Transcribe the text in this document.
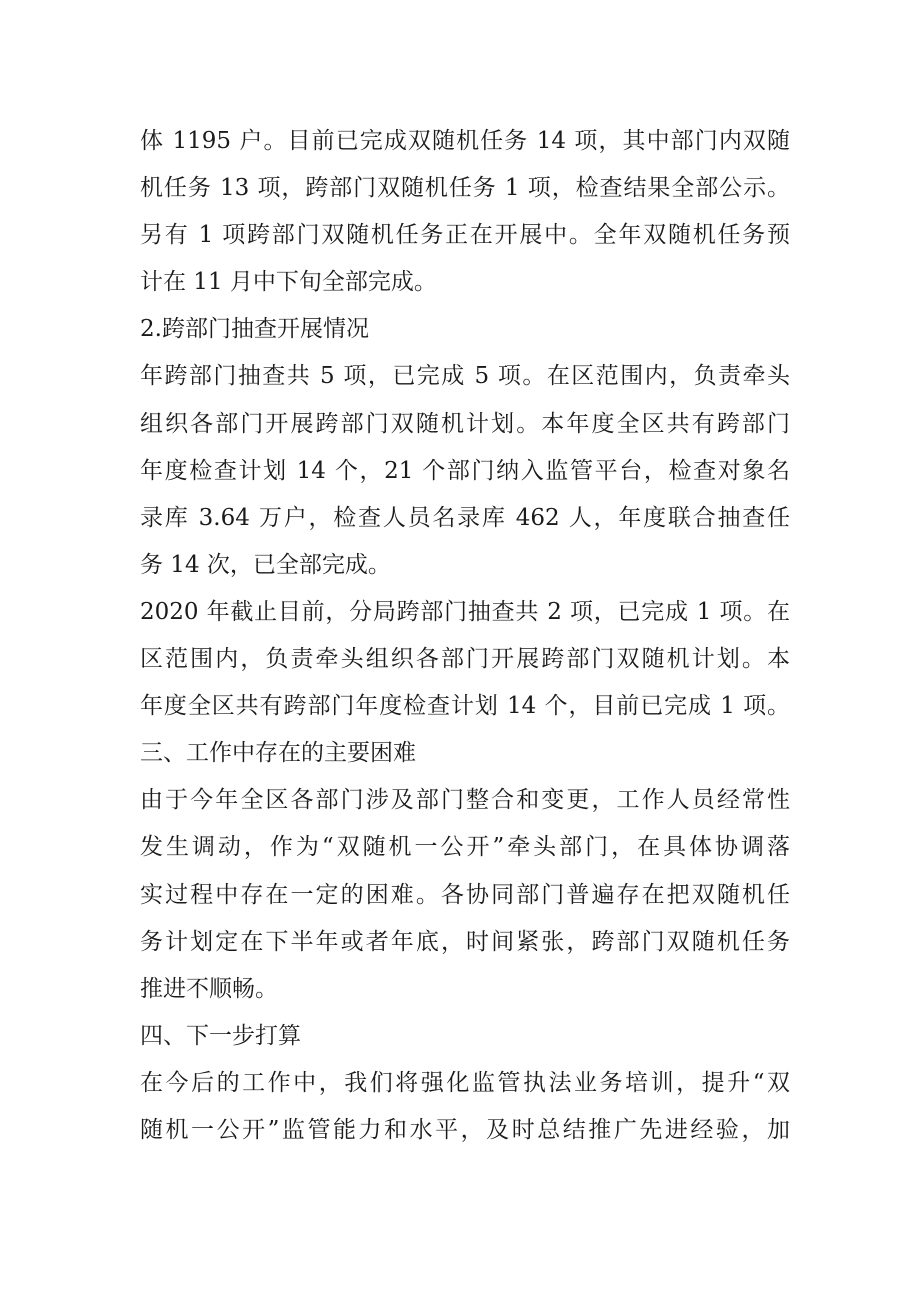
体 1195 户。目前已完成双随机任务 14 项，其中部门内双随
机任务 13 项，跨部门双随机任务 1 项，检查结果全部公示。
另有 1 项跨部门双随机任务正在开展中。全年双随机任务预
计在 11 月中下旬全部完成。
2.跨部门抽查开展情况
年跨部门抽查共 5 项，已完成 5 项。在区范围内，负责牵头
组织各部门开展跨部门双随机计划。本年度全区共有跨部门
年度检查计划 14 个，21 个部门纳入监管平台，检查对象名
录库 3.64 万户，检查人员名录库 462 人，年度联合抽查任
务 14 次，已全部完成。
2020 年截止目前，分局跨部门抽查共 2 项，已完成 1 项。在
区范围内，负责牵头组织各部门开展跨部门双随机计划。本
年度全区共有跨部门年度检查计划 14 个，目前已完成 1 项。
三、工作中存在的主要困难
由于今年全区各部门涉及部门整合和变更，工作人员经常性
发生调动，作为“双随机一公开”牵头部门，在具体协调落
实过程中存在一定的困难。各协同部门普遍存在把双随机任
务计划定在下半年或者年底，时间紧张，跨部门双随机任务
推进不顺畅。
四、下一步打算
在今后的工作中，我们将强化监管执法业务培训，提升“双
随机一公开”监管能力和水平，及时总结推广先进经验，加
